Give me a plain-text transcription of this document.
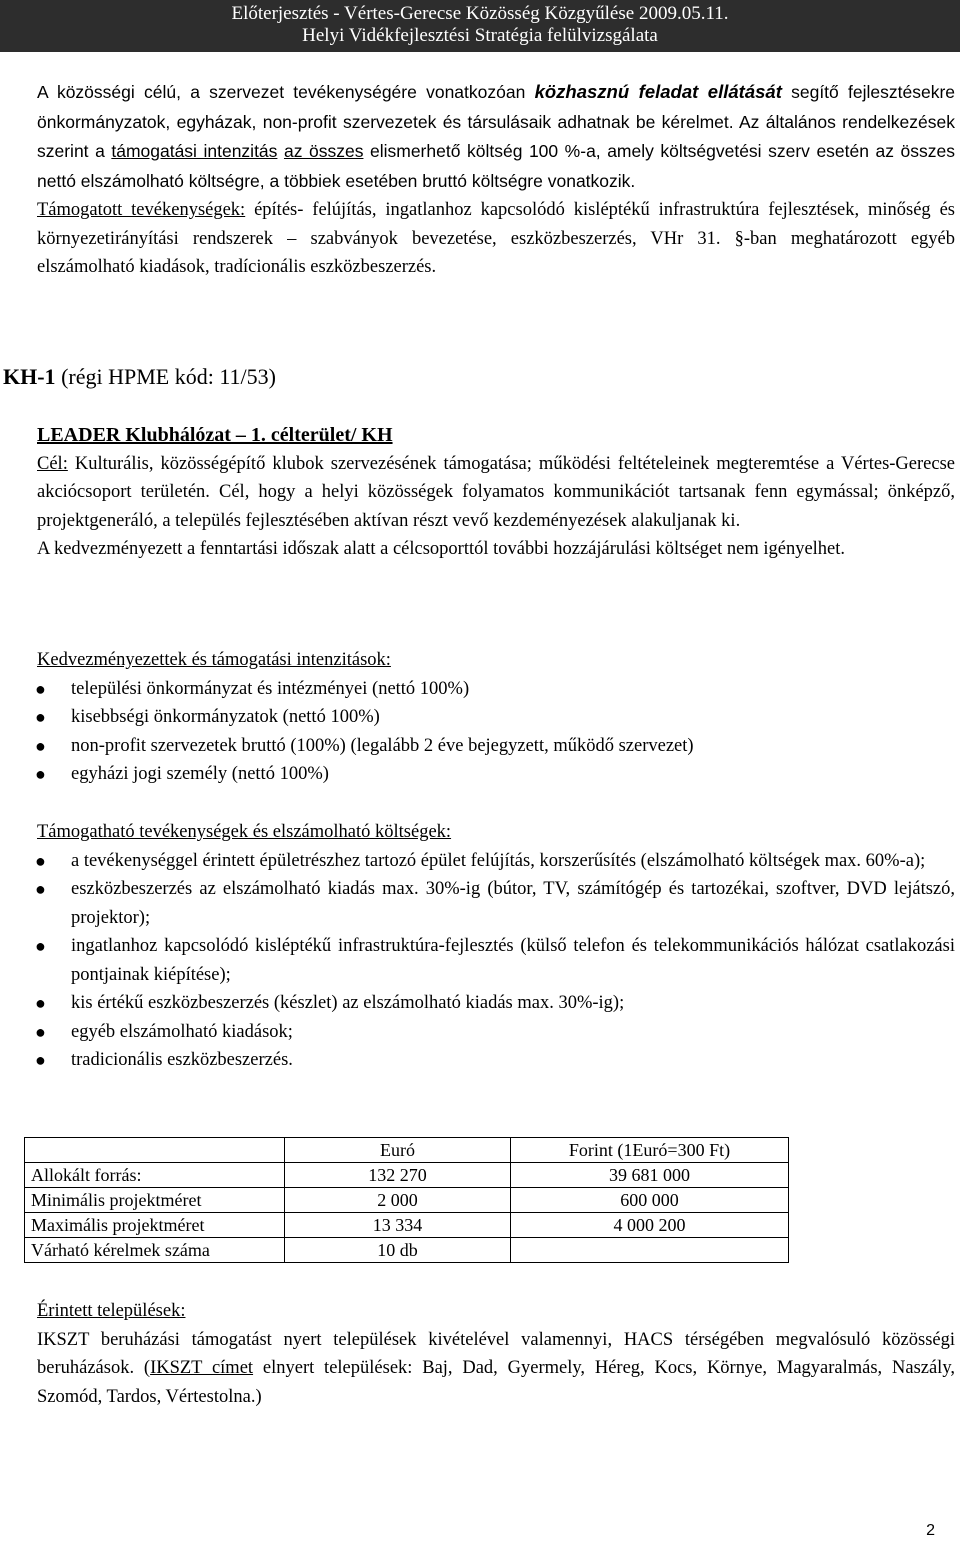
Előterjesztés - Vértes-Gerecse Közösség Közgyűlése 2009.05.11.
Helyi Vidékfejlesztési Stratégia felülvizsgálata

A közösségi célú, a szervezet tevékenységére vonatkozóan közhasznú feladat ellátását segítő fejlesztésekre önkormányzatok, egyházak, non-profit szervezetek és társulásaik adhatnak be kérelmet. Az általános rendelkezések szerint a támogatási intenzitás az összes elismerhető költség 100 %-a, amely költségvetési szerv esetén az összes nettó elszámolható költségre, a többiek esetében bruttó költségre vonatkozik.
Támogatott tevékenységek: építés- felújítás, ingatlanhoz kapcsolódó kisléptékű infrastruktúra fejlesztések, minőség és környezetirányítási rendszerek – szabványok bevezetése, eszközbeszerzés, VHr 31. §-ban meghatározott egyéb elszámolható kiadások, tradícionális eszközbeszerzés.

KH-1 (régi HPME kód: 11/53)

LEADER Klubhálózat – 1. célterület/ KH

Cél: Kulturális, közösségépítő klubok szervezésének támogatása; működési feltételeinek megteremtése a Vértes-Gerecse akciócsoport területén. Cél, hogy a helyi közösségek folyamatos kommunikációt tartsanak fenn egymással; önképző, projektgeneráló, a település fejlesztésében aktívan részt vevő kezdeményezések alakuljanak ki.

A kedvezményezett a fenntartási időszak alatt a célcsoporttól további hozzájárulási költséget nem igényelhet.

Kedvezményezettek és támogatási intenzitások:

● települési önkormányzat és intézményei (nettó 100%)
● kisebbségi önkormányzatok (nettó 100%)
● non-profit szervezetek bruttó (100%) (legalább 2 éve bejegyzett, működő szervezet)
● egyházi jogi személy (nettó 100%)

Támogatható tevékenységek és elszámolható költségek:

● a tevékenységgel érintett épületrészhez tartozó épület felújítás, korszerűsítés (elszámolható költségek max. 60%-a);
● eszközbeszerzés az elszámolható kiadás max. 30%-ig (bútor, TV, számítógép és tartozékai, szoftver, DVD lejátszó, projektor);
● ingatlanhoz kapcsolódó kisléptékű infrastruktúra-fejlesztés (külső telefon és telekommunikációs hálózat csatlakozási pontjainak kiépítése);
● kis értékű eszközbeszerzés (készlet) az elszámolható kiadás max. 30%-ig);
● egyéb elszámolható kiadások;
● tradicionális eszközbeszerzés.
	Euró	Forint (1Euró=300 Ft)
Allokált forrás:	132 270	39 681 000
Minimális projektméret	2 000	600 000
Maximális projektméret	13 334	4 000 200
Várható kérelmek száma	10 db	

Érintett települések:

IKSZT beruházási támogatást nyert települések kivételével valamennyi, HACS térségében megvalósuló közösségi beruházások. (IKSZT címet elnyert települések: Baj, Dad, Gyermely, Héreg, Kocs, Környe, Magyaralmás, Naszály, Szomód, Tardos, Vértestolna.)

2
